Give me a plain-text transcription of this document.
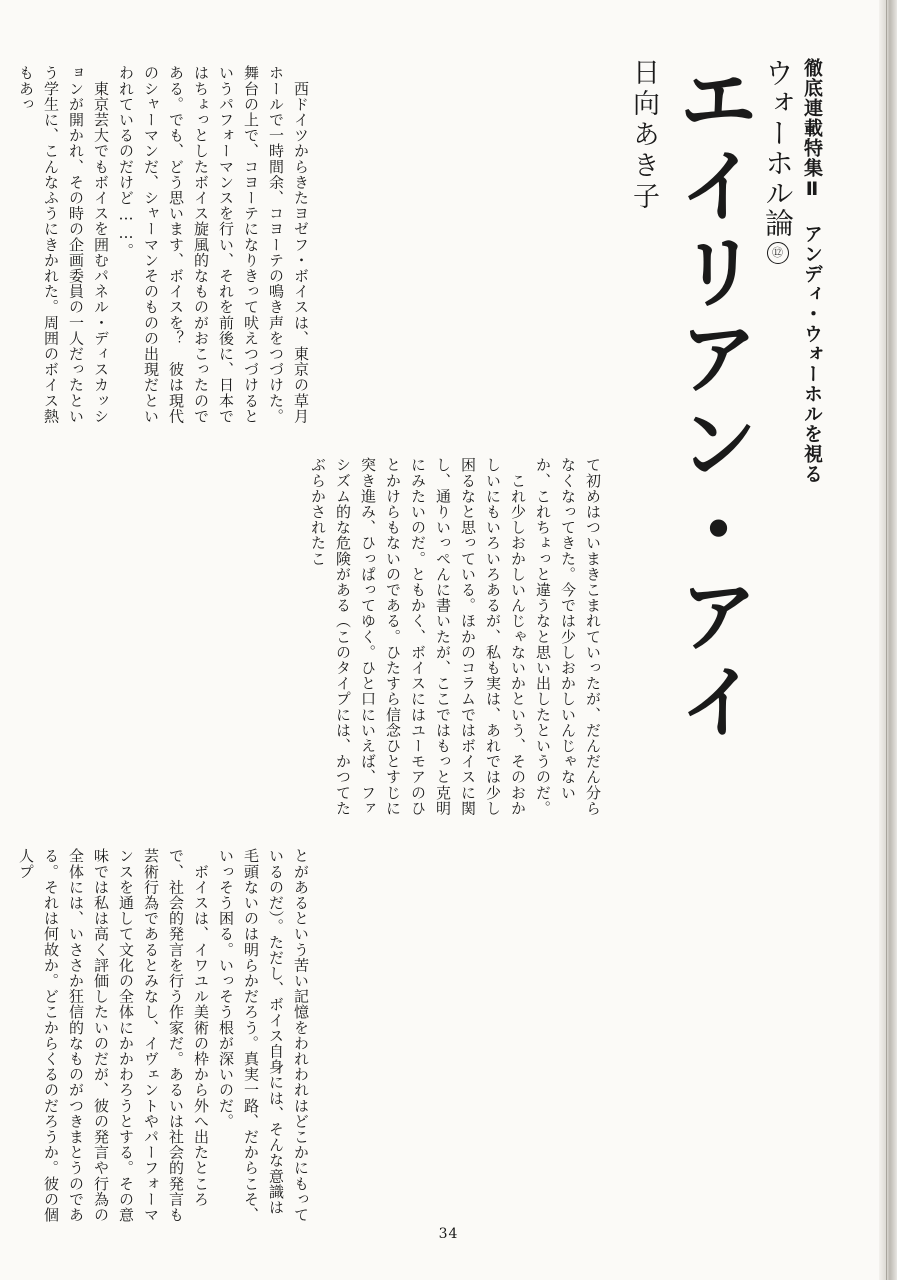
徹底連載特集Ⅱ アンディ・ウォーホルを視る
ウォーホル論⑫
エイリアン・アイ
日向あき子

　西ドイツからきたヨゼフ・ボイスは、東京の草月ホールで一時間余、コヨーテの鳴き声をつづけた。舞台の上で、コヨーテになりきって吠えつづけるというパフォーマンスを行い、それを前後に、日本ではちょっとしたボイス旋風的なものがおこったのである。でも、どう思います、ボイスを？　彼は現代のシャーマンだ、シャーマンそのものの出現だといわれているのだけど……。

　東京芸大でもボイスを囲むパネル・ディスカッションが開かれ、その時の企画委員の一人だったという学生に、こんなふうにきかれた。周囲のボイス熱もあっ

て初めはついまきこまれていったが、だんだん分らなくなってきた。今では少しおかしいんじゃないか、これちょっと違うなと思い出したというのだ。

　これ少しおかしいんじゃないかという、そのおかしいにもいろいろあるが、私も実は、あれでは少し困るなと思っている。ほかのコラムではボイスに関し、通りいっぺんに書いたが、ここではもっと克明にみたいのだ。ともかく、ボイスにはユーモアのひとかけらもないのである。ひたすら信念ひとすじに突き進み、ひっぱってゆく。ひと口にいえば、ファシズム的な危険がある（このタイプには、かつてたぶらかされたこ

とがあるという苦い記憶をわれわれはどこかにもっているのだ）。ただし、ボイス自身には、そんな意識は毛頭ないのは明らかだろう。真実一路、だからこそ、いっそう困る。いっそう根が深いのだ。

　ボイスは、イワユル美術の枠から外へ出たところで、社会的発言を行う作家だ。あるいは社会的発言も芸術行為であるとみなし、イヴェントやパーフォーマンスを通して文化の全体にかかわろうとする。その意味では私は高く評価したいのだが、彼の発言や行為の全体には、いささか狂信的なものがつきまとうのである。それは何故か。どこからくるのだろうか。彼の個人プ

34
